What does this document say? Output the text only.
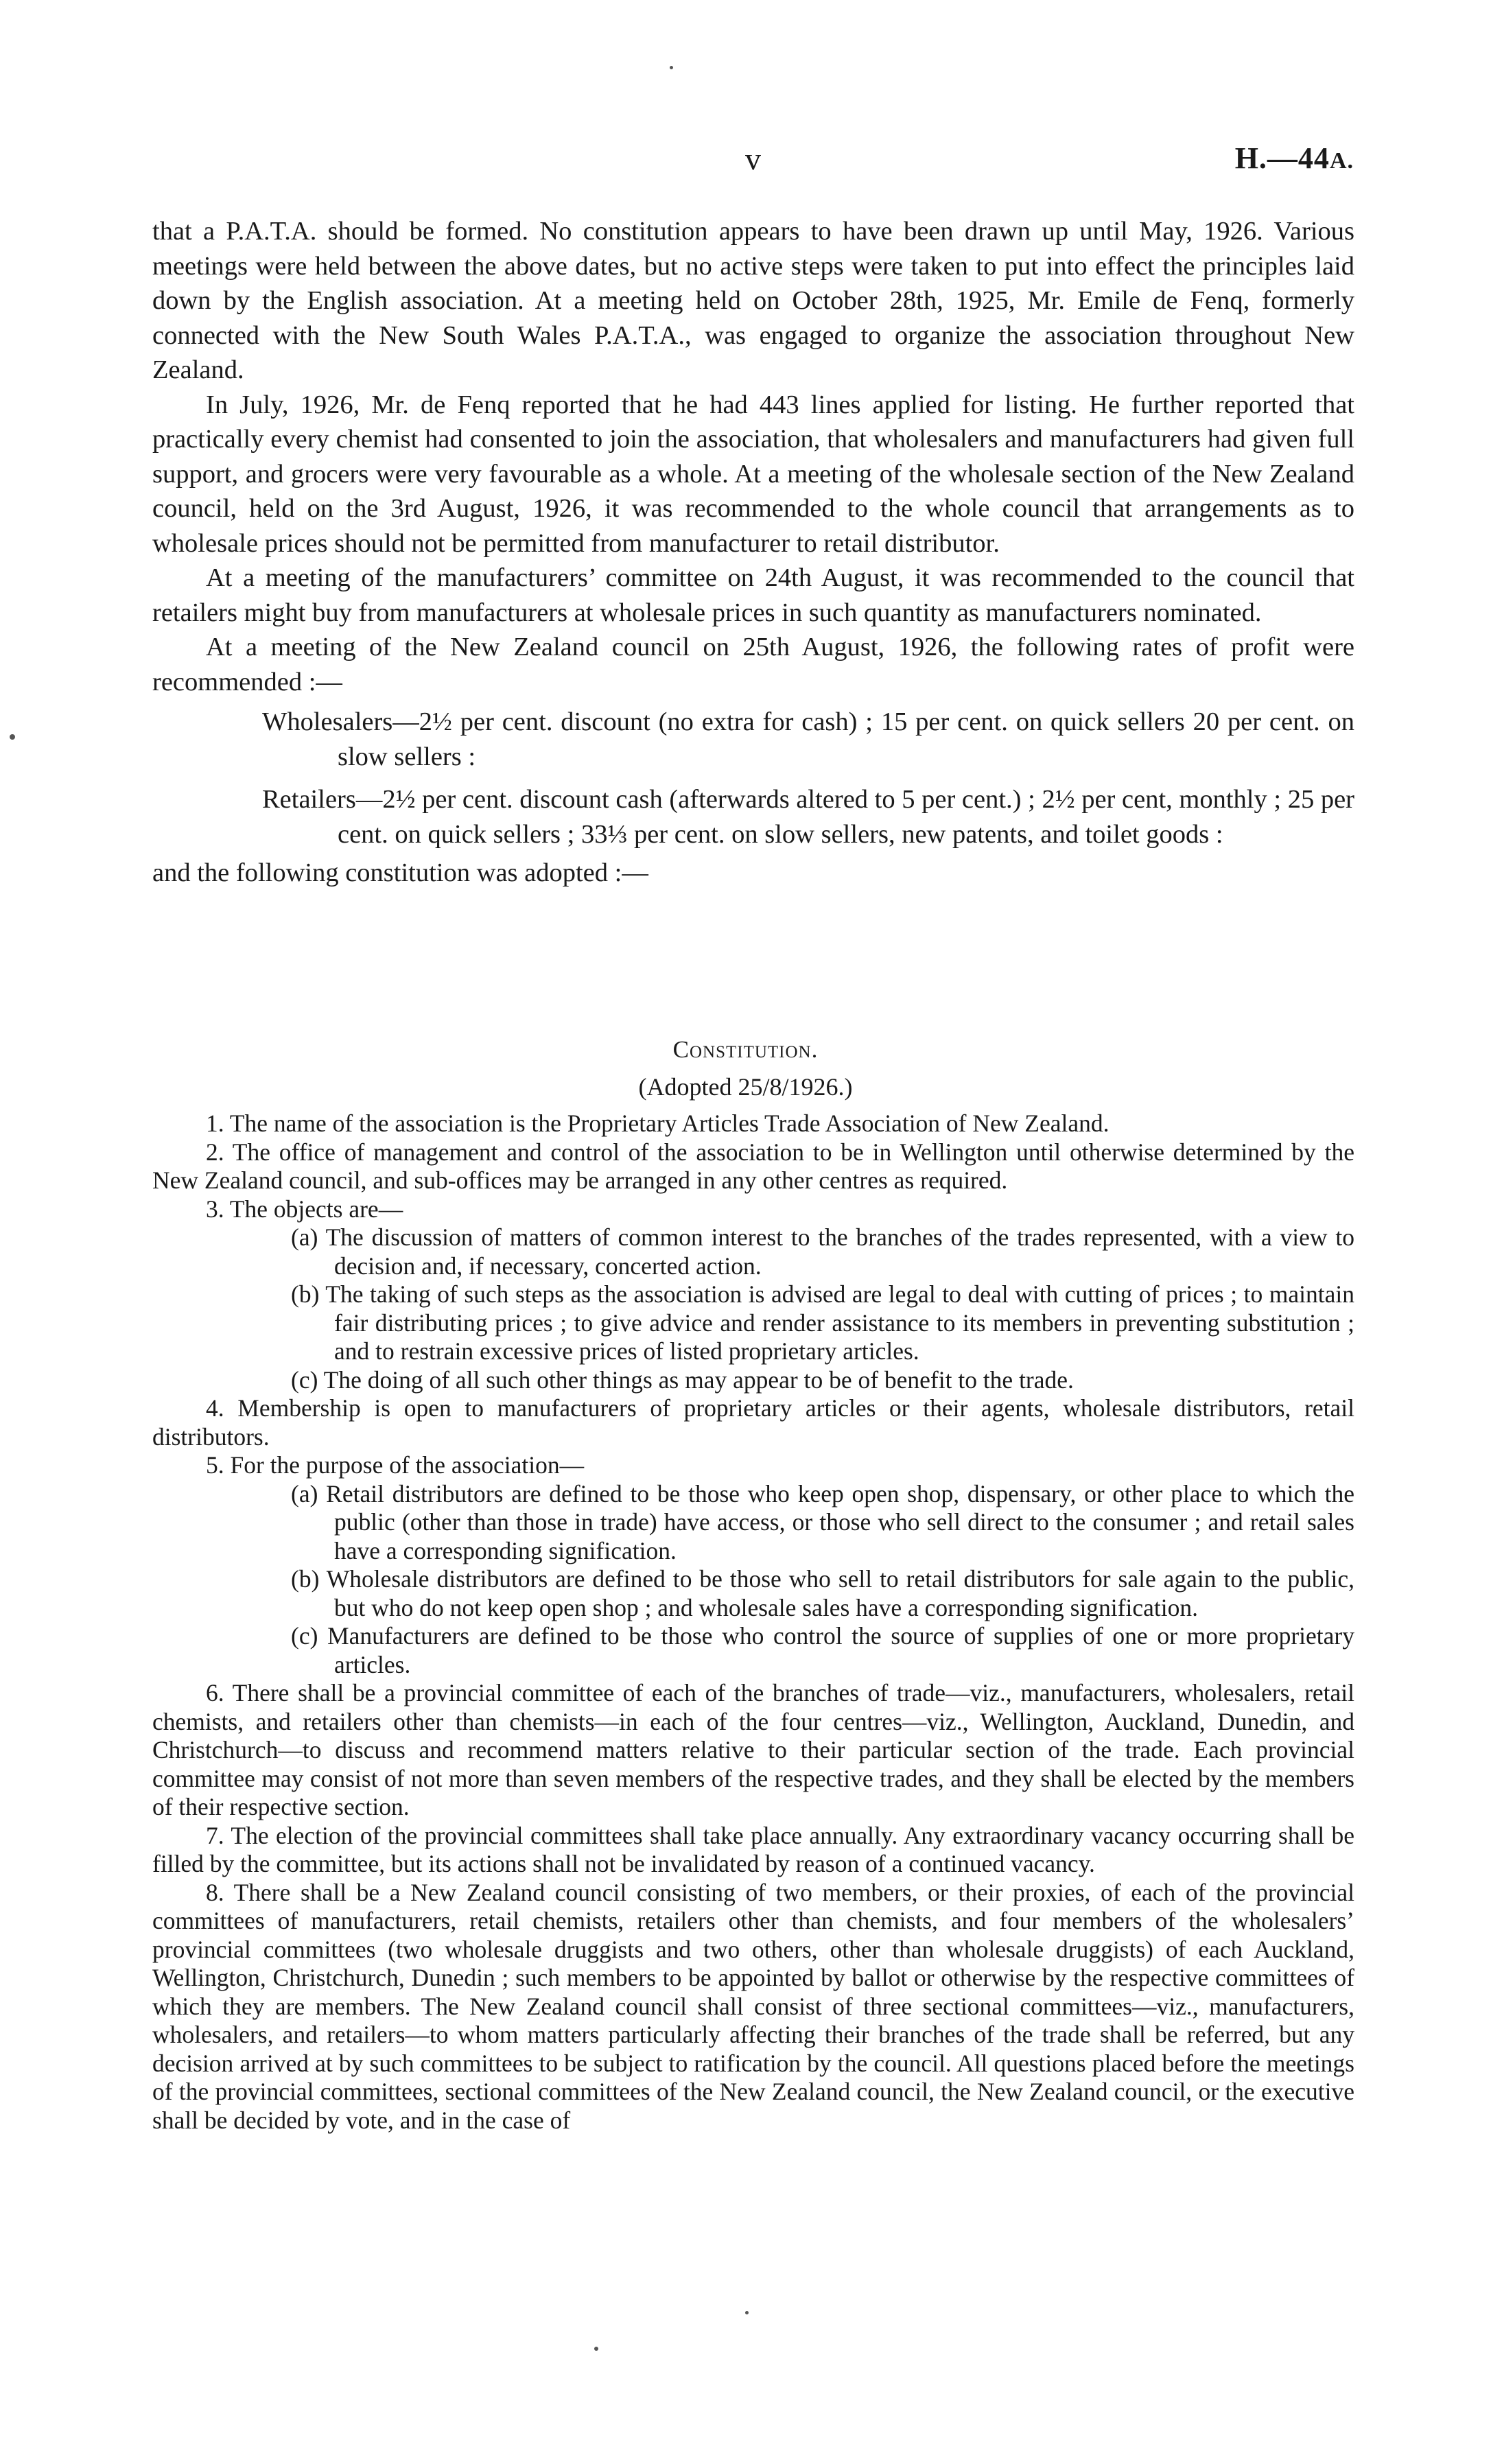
v	H.—44A.

that a P.A.T.A. should be formed. No constitution appears to have been drawn up until May, 1926. Various meetings were held between the above dates, but no active steps were taken to put into effect the principles laid down by the English association. At a meeting held on October 28th, 1925, Mr. Emile de Fenq, formerly connected with the New South Wales P.A.T.A., was engaged to organize the association throughout New Zealand.

In July, 1926, Mr. de Fenq reported that he had 443 lines applied for listing. He further reported that practically every chemist had consented to join the association, that wholesalers and manufacturers had given full support, and grocers were very favourable as a whole. At a meeting of the wholesale section of the New Zealand council, held on the 3rd August, 1926, it was recommended to the whole council that arrangements as to wholesale prices should not be permitted from manufacturer to retail distributor.

At a meeting of the manufacturers’ committee on 24th August, it was recommended to the council that retailers might buy from manufacturers at wholesale prices in such quantity as manufacturers nominated.

At a meeting of the New Zealand council on 25th August, 1926, the following rates of profit were recommended :—

Wholesalers—2½ per cent. discount (no extra for cash) ; 15 per cent. on quick sellers 20 per cent. on slow sellers :

Retailers—2½ per cent. discount cash (afterwards altered to 5 per cent.) ; 2½ per cent, monthly ; 25 per cent. on quick sellers ; 33⅓ per cent. on slow sellers, new patents, and toilet goods :

and the following constitution was adopted :—

Constitution.
(Adopted 25/8/1926.)

1. The name of the association is the Proprietary Articles Trade Association of New Zealand.

2. The office of management and control of the association to be in Wellington until otherwise determined by the New Zealand council, and sub-offices may be arranged in any other centres as required.

3. The objects are—

(a) The discussion of matters of common interest to the branches of the trades represented, with a view to decision and, if necessary, concerted action.

(b) The taking of such steps as the association is advised are legal to deal with cutting of prices ; to maintain fair distributing prices ; to give advice and render assistance to its members in preventing substitution ; and to restrain excessive prices of listed proprietary articles.

(c) The doing of all such other things as may appear to be of benefit to the trade.

4. Membership is open to manufacturers of proprietary articles or their agents, wholesale distributors, retail distributors.

5. For the purpose of the association—

(a) Retail distributors are defined to be those who keep open shop, dispensary, or other place to which the public (other than those in trade) have access, or those who sell direct to the consumer ; and retail sales have a corresponding signification.

(b) Wholesale distributors are defined to be those who sell to retail distributors for sale again to the public, but who do not keep open shop ; and wholesale sales have a corresponding signification.

(c) Manufacturers are defined to be those who control the source of supplies of one or more proprietary articles.

6. There shall be a provincial committee of each of the branches of trade—viz., manufacturers, wholesalers, retail chemists, and retailers other than chemists—in each of the four centres—viz., Wellington, Auckland, Dunedin, and Christchurch—to discuss and recommend matters relative to their particular section of the trade. Each provincial committee may consist of not more than seven members of the respective trades, and they shall be elected by the members of their respective section.

7. The election of the provincial committees shall take place annually. Any extraordinary vacancy occurring shall be filled by the committee, but its actions shall not be invalidated by reason of a continued vacancy.

8. There shall be a New Zealand council consisting of two members, or their proxies, of each of the provincial committees of manufacturers, retail chemists, retailers other than chemists, and four members of the wholesalers’ provincial committees (two wholesale druggists and two others, other than wholesale druggists) of each Auckland, Wellington, Christchurch, Dunedin ; such members to be appointed by ballot or otherwise by the respective committees of which they are members. The New Zealand council shall consist of three sectional committees—viz., manufacturers, wholesalers, and retailers—to whom matters particularly affecting their branches of the trade shall be referred, but any decision arrived at by such committees to be subject to ratification by the council. All questions placed before the meetings of the provincial committees, sectional committees of the New Zealand council, the New Zealand council, or the executive shall be decided by vote, and in the case of
